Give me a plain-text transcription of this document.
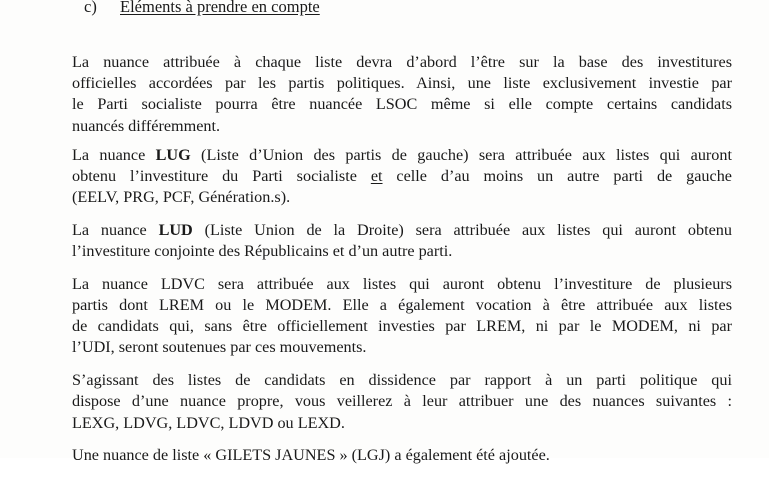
c) Eléments à prendre en compte
La nuance attribuée à chaque liste devra d’abord l’être sur la base des investitures
officielles accordées par les partis politiques. Ainsi, une liste exclusivement investie par
le Parti socialiste pourra être nuancée LSOC même si elle compte certains candidats
nuancés différemment.
La nuance LUG (Liste d’Union des partis de gauche) sera attribuée aux listes qui auront
obtenu l’investiture du Parti socialiste et celle d’au moins un autre parti de gauche
(EELV, PRG, PCF, Génération.s).
La nuance LUD (Liste Union de la Droite) sera attribuée aux listes qui auront obtenu
l’investiture conjointe des Républicains et d’un autre parti.
La nuance LDVC sera attribuée aux listes qui auront obtenu l’investiture de plusieurs
partis dont LREM ou le MODEM. Elle a également vocation à être attribuée aux listes
de candidats qui, sans être officiellement investies par LREM, ni par le MODEM, ni par
l’UDI, seront soutenues par ces mouvements.
S’agissant des listes de candidats en dissidence par rapport à un parti politique qui
dispose d’une nuance propre, vous veillerez à leur attribuer une des nuances suivantes :
LEXG, LDVG, LDVC, LDVD ou LEXD.
Une nuance de liste « GILETS JAUNES » (LGJ) a également été ajoutée.
